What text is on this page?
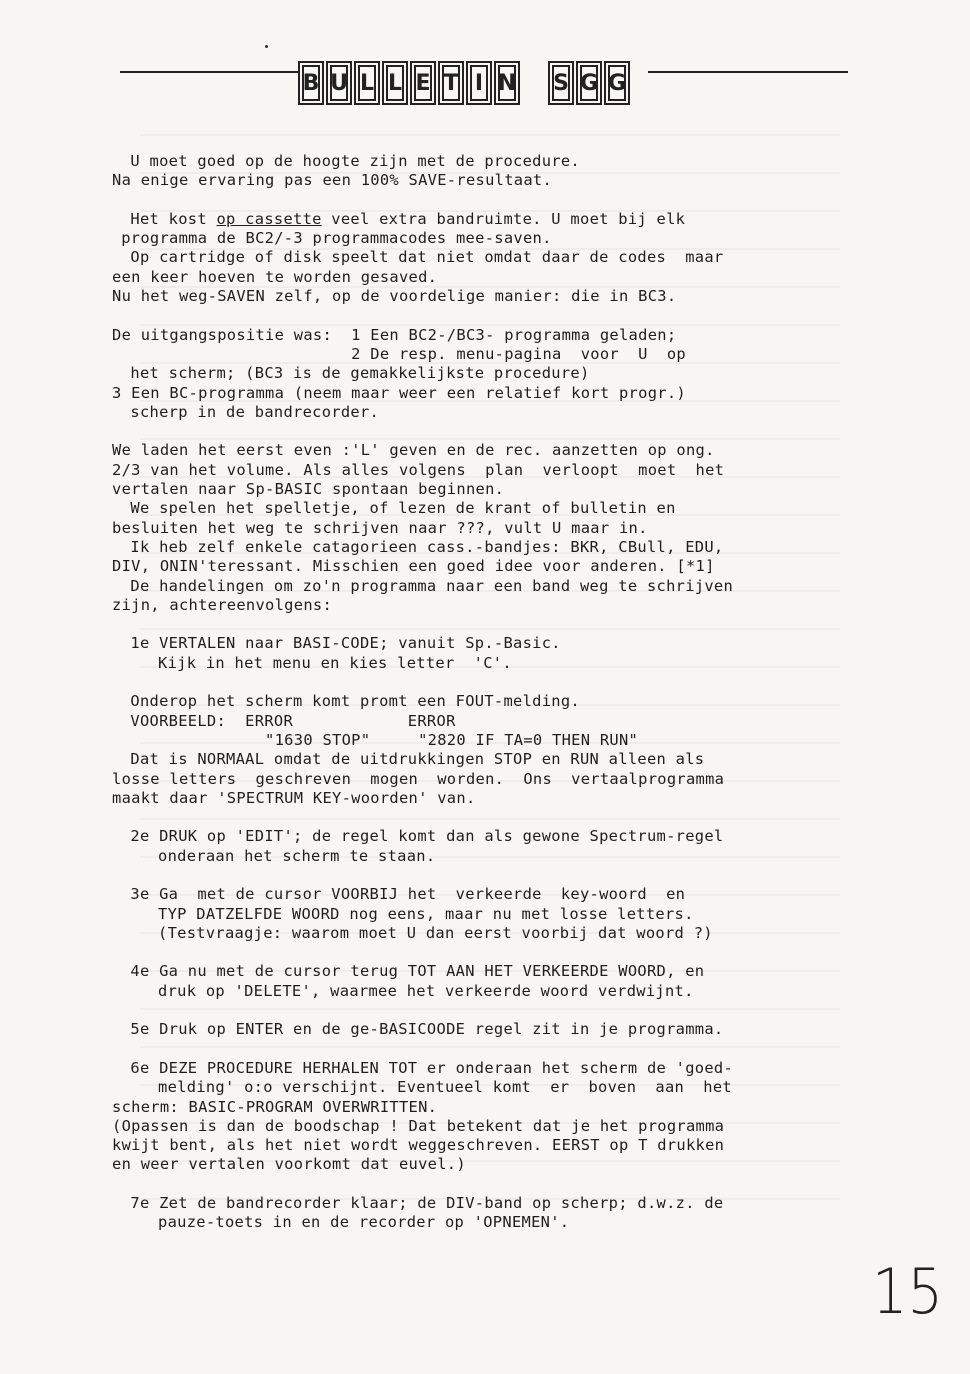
B U L L E T I N S G G
U moet goed op de hoogte zijn met de procedure.
Na enige ervaring pas een 100% SAVE-resultaat.
Het kost op cassette veel extra bandruimte. U moet bij elk
programma de BC2/-3 programmacodes mee-saven.
Op cartridge of disk speelt dat niet omdat daar de codes  maar
een keer hoeven te worden gesaved.
Nu het weg-SAVEN zelf, op de voordelige manier: die in BC3.
De uitgangspositie was:  1 Een BC2-/BC3- programma geladen;
2 De resp. menu-pagina  voor  U  op
het scherm; (BC3 is de gemakkelijkste procedure)
3 Een BC-programma (neem maar weer een relatief kort progr.)
scherp in de bandrecorder.
We laden het eerst even :'L' geven en de rec. aanzetten op ong.
2/3 van het volume. Als alles volgens  plan  verloopt  moet  het
vertalen naar Sp-BASIC spontaan beginnen.
We spelen het spelletje, of lezen de krant of bulletin en
besluiten het weg te schrijven naar ???, vult U maar in.
Ik heb zelf enkele catagorieen cass.-bandjes: BKR, CBull, EDU,
DIV, ONIN'teressant. Misschien een goed idee voor anderen. [*1]
De handelingen om zo'n programma naar een band weg te schrijven
zijn, achtereenvolgens:
1e VERTALEN naar BASI-CODE; vanuit Sp.-Basic.
Kijk in het menu en kies letter  'C'.
Onderop het scherm komt promt een FOUT-melding.
VOORBEELD:  ERROR            ERROR
"1630 STOP"     "2820 IF TA=0 THEN RUN"
Dat is NORMAAL omdat de uitdrukkingen STOP en RUN alleen als
losse letters  geschreven  mogen  worden.  Ons  vertaalprogramma
maakt daar 'SPECTRUM KEY-woorden' van.
2e DRUK op 'EDIT'; de regel komt dan als gewone Spectrum-regel
onderaan het scherm te staan.
3e Ga  met de cursor VOORBIJ het  verkeerde  key-woord  en
TYP DATZELFDE WOORD nog eens, maar nu met losse letters.
(Testvraagje: waarom moet U dan eerst voorbij dat woord ?)
4e Ga nu met de cursor terug TOT AAN HET VERKEERDE WOORD, en
druk op 'DELETE', waarmee het verkeerde woord verdwijnt.
5e Druk op ENTER en de ge-BASICOODE regel zit in je programma.
6e DEZE PROCEDURE HERHALEN TOT er onderaan het scherm de 'goed-
melding' o:o verschijnt. Eventueel komt  er  boven  aan  het
scherm: BASIC-PROGRAM OVERWRITTEN.
(Opassen is dan de boodschap ! Dat betekent dat je het programma
kwijt bent, als het niet wordt weggeschreven. EERST op T drukken
en weer vertalen voorkomt dat euvel.)
7e Zet de bandrecorder klaar; de DIV-band op scherp; d.w.z. de
pauze-toets in en de recorder op 'OPNEMEN'.
15
